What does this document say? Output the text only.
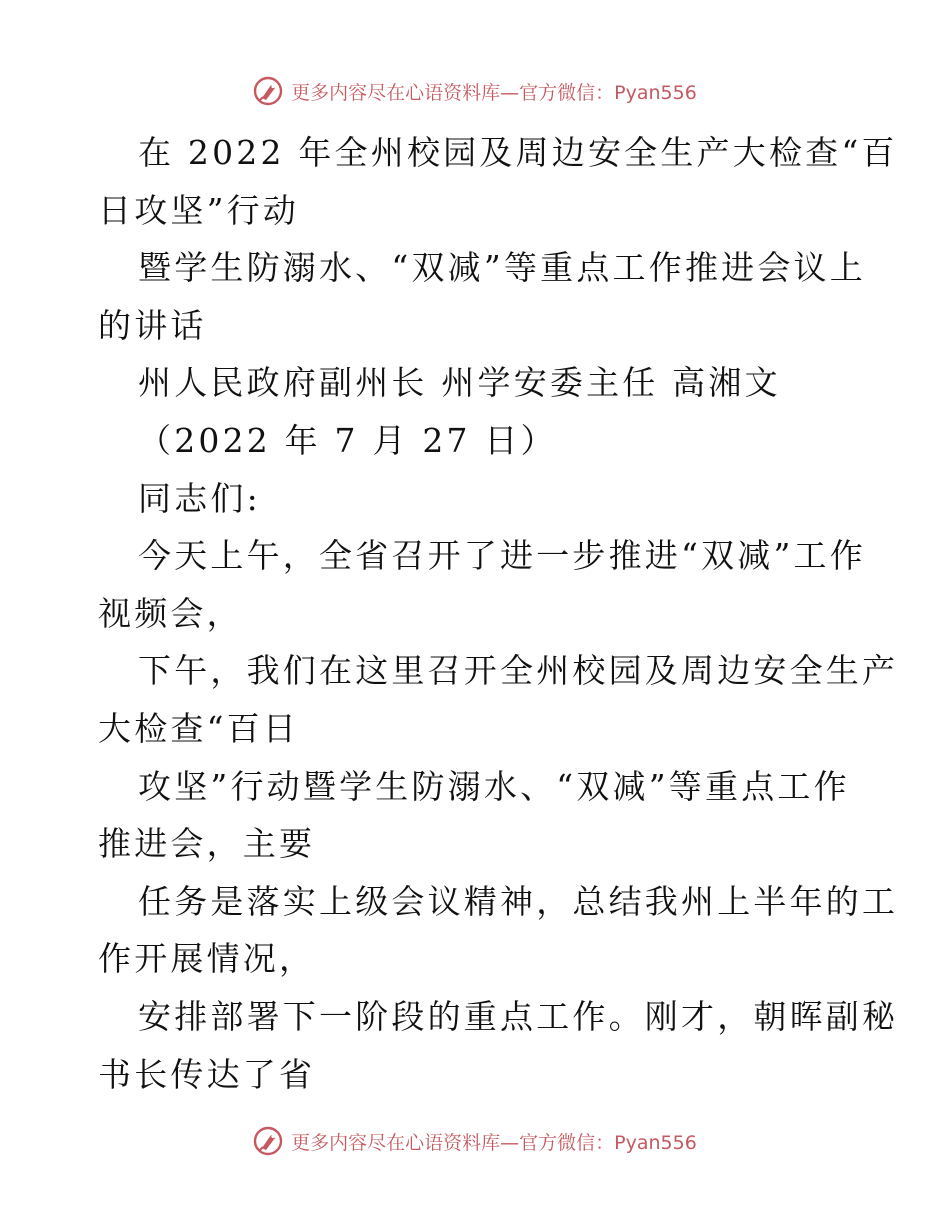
更多内容尽在心语资料库—官方微信：Pyan556
在 2022 年全州校园及周边安全生产大检查“百
日攻坚”行动
暨学生防溺水、“双减”等重点工作推进会议上
的讲话
州人民政府副州长 州学安委主任 高湘文
（2022 年 7 月 27 日）
同志们:
今天上午，全省召开了进一步推进“双减”工作
视频会，
下午，我们在这里召开全州校园及周边安全生产
大检查“百日
攻坚”行动暨学生防溺水、“双减”等重点工作
推进会，主要
任务是落实上级会议精神，总结我州上半年的工
作开展情况，
安排部署下一阶段的重点工作。刚才，朝晖副秘
书长传达了省
更多内容尽在心语资料库—官方微信：Pyan556
